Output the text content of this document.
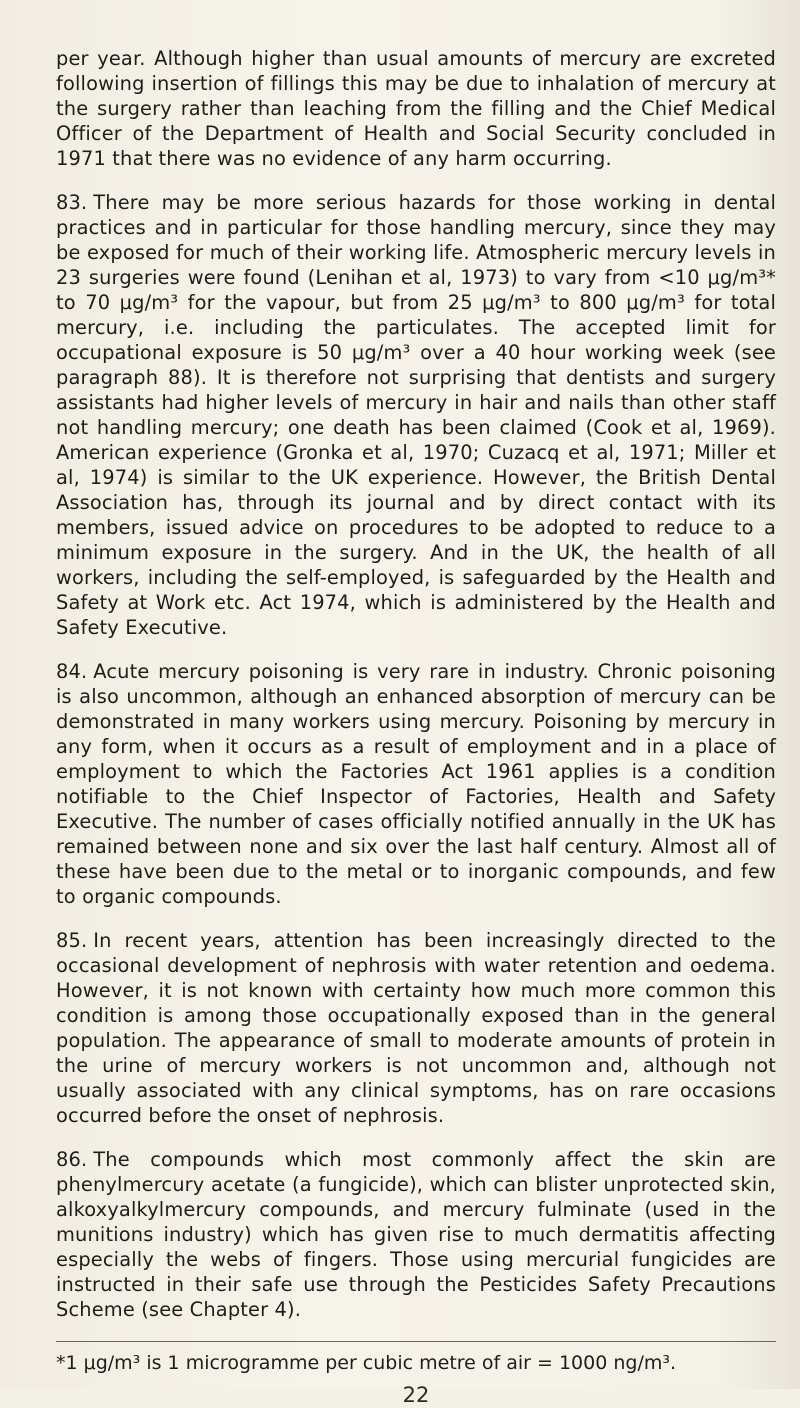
per year. Although higher than usual amounts of mercury are excreted following insertion of fillings this may be due to inhalation of mercury at the surgery rather than leaching from the filling and the Chief Medical Officer of the Department of Health and Social Security concluded in 1971 that there was no evidence of any harm occurring.

83. There may be more serious hazards for those working in dental practices and in particular for those handling mercury, since they may be exposed for much of their working life. Atmospheric mercury levels in 23 surgeries were found (Lenihan et al, 1973) to vary from <10 μg/m³* to 70 μg/m³ for the vapour, but from 25 μg/m³ to 800 μg/m³ for total mercury, i.e. including the particulates. The accepted limit for occupational exposure is 50 μg/m³ over a 40 hour working week (see paragraph 88). It is therefore not surprising that dentists and surgery assistants had higher levels of mercury in hair and nails than other staff not handling mercury; one death has been claimed (Cook et al, 1969). American experience (Gronka et al, 1970; Cuzacq et al, 1971; Miller et al, 1974) is similar to the UK experience. However, the British Dental Association has, through its journal and by direct contact with its members, issued advice on procedures to be adopted to reduce to a minimum exposure in the surgery. And in the UK, the health of all workers, including the self-employed, is safeguarded by the Health and Safety at Work etc. Act 1974, which is administered by the Health and Safety Executive.

84. Acute mercury poisoning is very rare in industry. Chronic poisoning is also uncommon, although an enhanced absorption of mercury can be demonstrated in many workers using mercury. Poisoning by mercury in any form, when it occurs as a result of employment and in a place of employment to which the Factories Act 1961 applies is a condition notifiable to the Chief Inspector of Factories, Health and Safety Executive. The number of cases officially notified annually in the UK has remained between none and six over the last half century. Almost all of these have been due to the metal or to inorganic compounds, and few to organic compounds.

85. In recent years, attention has been increasingly directed to the occasional development of nephrosis with water retention and oedema. However, it is not known with certainty how much more common this condition is among those occupationally exposed than in the general population. The appearance of small to moderate amounts of protein in the urine of mercury workers is not uncommon and, although not usually associated with any clinical symptoms, has on rare occasions occurred before the onset of nephrosis.

86. The compounds which most commonly affect the skin are phenylmercury acetate (a fungicide), which can blister unprotected skin, alkoxyalkylmercury compounds, and mercury fulminate (used in the munitions industry) which has given rise to much dermatitis affecting especially the webs of fingers. Those using mercurial fungicides are instructed in their safe use through the Pesticides Safety Precautions Scheme (see Chapter 4).

*1 μg/m³ is 1 microgramme per cubic metre of air = 1000 ng/m³.

22
